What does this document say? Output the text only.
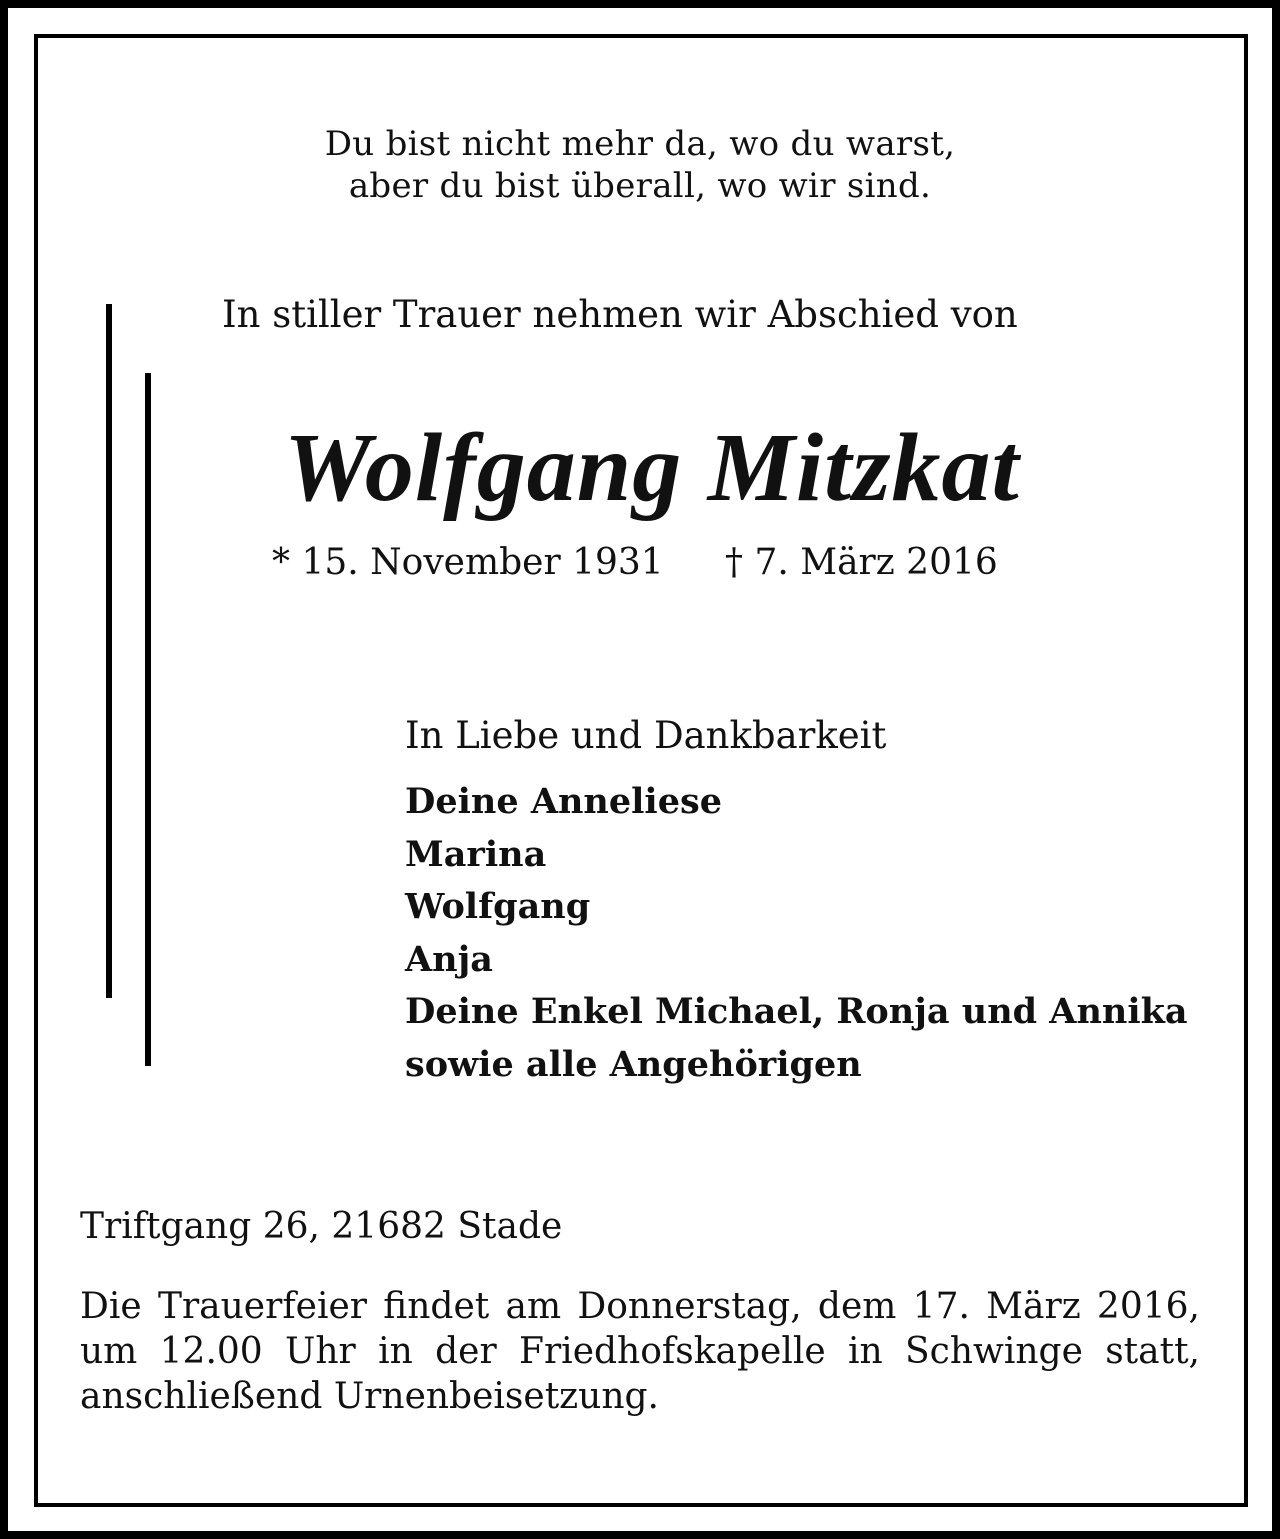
Du bist nicht mehr da, wo du warst,

aber du bist überall, wo wir sind.

In stiller Trauer nehmen wir Abschied von

Wolfgang Mitzkat

* 15. November 1931 † 7. März 2016

In Liebe und Dankbarkeit

Deine Anneliese
Marina
Wolfgang
Anja
Deine Enkel Michael, Ronja und Annika
sowie alle Angehörigen

Triftgang 26, 21682 Stade

Die Trauerfeier findet am Donnerstag, dem 17. März 2016, um 12.00 Uhr in der Friedhofskapelle in Schwinge statt, anschließend Urnenbeisetzung.
